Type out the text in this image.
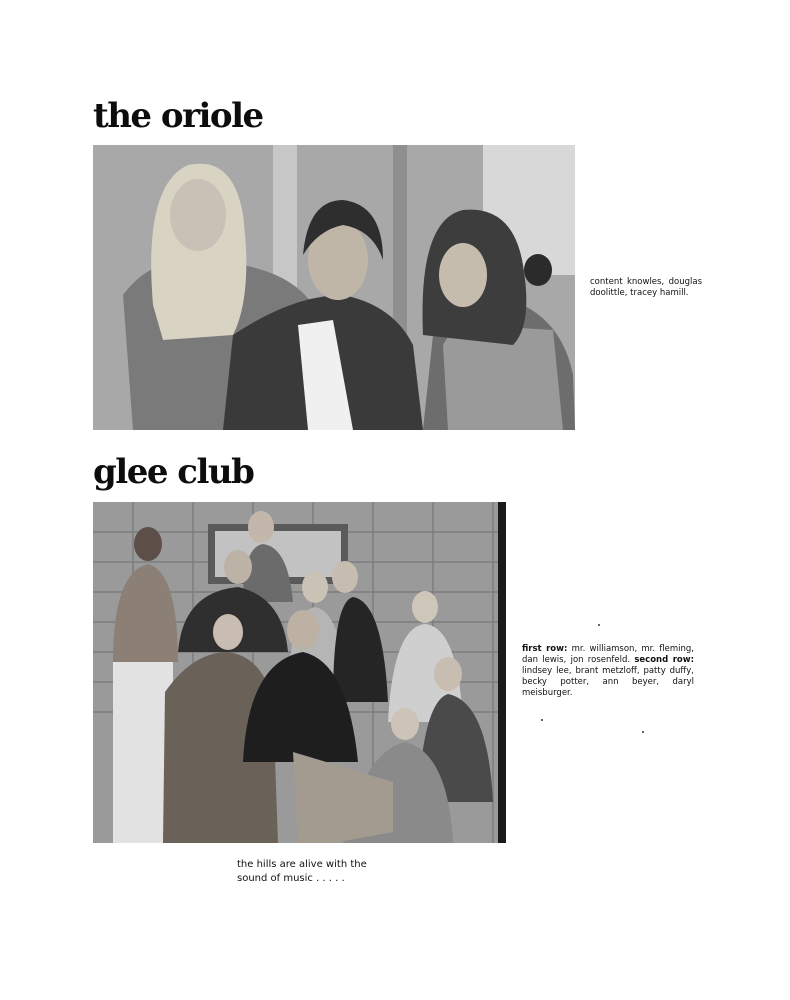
the oriole

content knowles, douglas doolittle, tracey hamill.

glee club

first row: mr. williamson, mr. fleming, dan lewis, jon rosenfeld. second row: lindsey lee, brant metzloff, patty duffy, becky potter, ann beyer, daryl meisburger.

the hills are alive with the
sound of music . . . . .
